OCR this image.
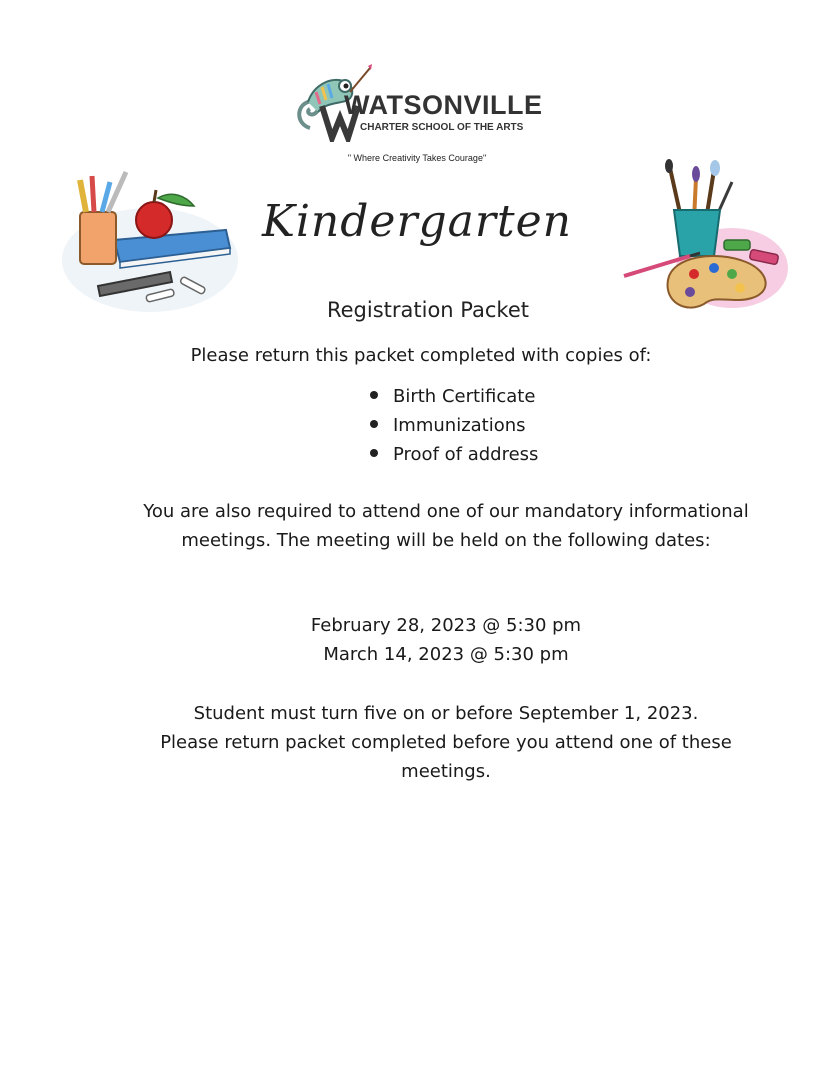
WATSONVILLE
CHARTER SCHOOL OF THE ARTS
" Where Creativity Takes Courage"
Kindergarten
Registration Packet
Please return this packet completed with copies of:
Birth Certificate
Immunizations
Proof of address
You are also required to attend one of our mandatory informational meetings. The meeting will be held on the following dates:

February 28, 2023 @ 5:30 pm

March 14, 2023 @ 5:30 pm

Student must turn five on or before September 1, 2023.

Please return packet completed before you attend one of these meetings.
